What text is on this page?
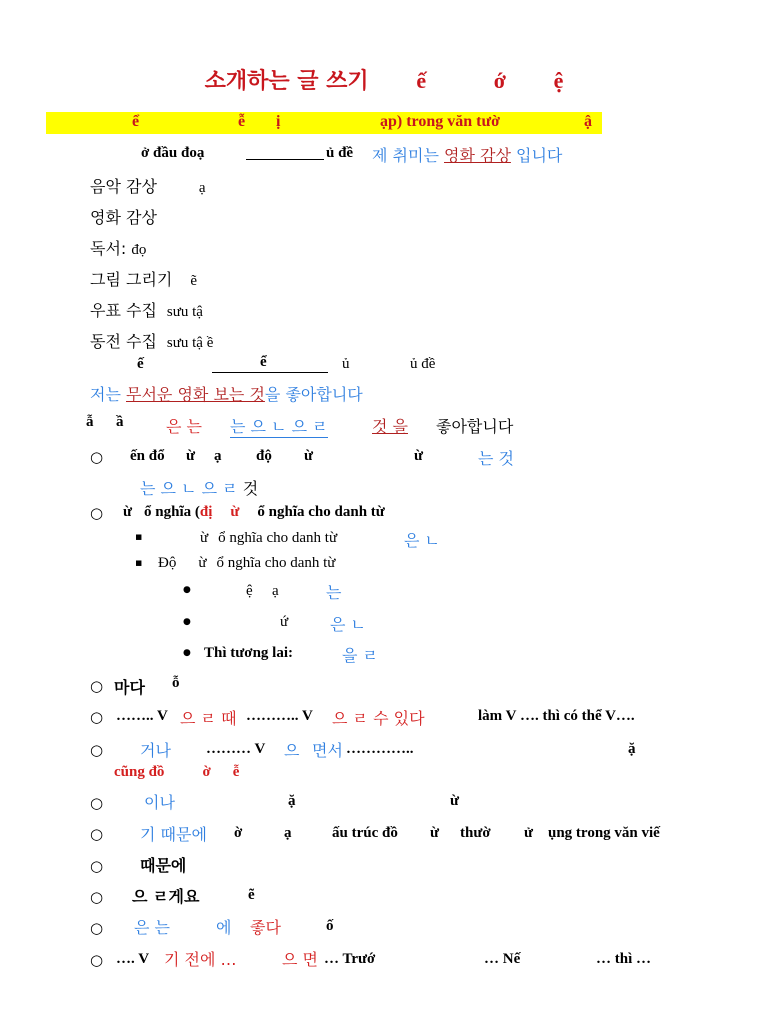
소개하는 글 쓰기 ế	ớ ệ
ể	ễ ị	ạp) trong văn tườ	ậ
ở đầu đoạ	ủ đề 제 취미는 영화 감상 입니다
음악 감상	ạ
영화 감상
독서: đọ
그림 그리기 ẽ
우표 수집 sưu tậ
동전 수집 sưu tậ ề
ế	ể	ủ	ủ đề
저는 무서운 영화 보는 것을 좋아합니다
ẫ ầ	은 는 는 으 ㄴ 으 ㄹ	것 을 좋아합니다
○ ến đổ ừ ạ độ ừ	ừ	는 것
는 으 ㄴ 으 ㄹ 것
○ ừ ổ nghĩa (đị ừ ổ nghĩa cho danh từ
▪	ừ ổ nghĩa cho danh từ	은 ㄴ
▪ Độ ừ ổ nghĩa cho danh từ
●	ệ ạ	는
●	ứ	은 ㄴ
● Thì tương lai:	을 ㄹ
○ 마다 ỗ
○ …….. V 으 ㄹ 때 ……….. V 으 ㄹ 수 있다	làm V …. thì có thể V….
○ 거나 ……… V 으 면서 …………..	ặ
cũng đồ	ờ ễ
○	이나	ặ	ừ
○ 기 때문에 ờ	ạ	ấu trúc đồ ừ thườ ử ụng trong văn viế
○ 때문에
○ 으 ㄹ게요	ẽ
○ 은 는	에 좋다	ố
○ …. V 기 전에 …	으 면 … Trướ	… Nế	… thì …
